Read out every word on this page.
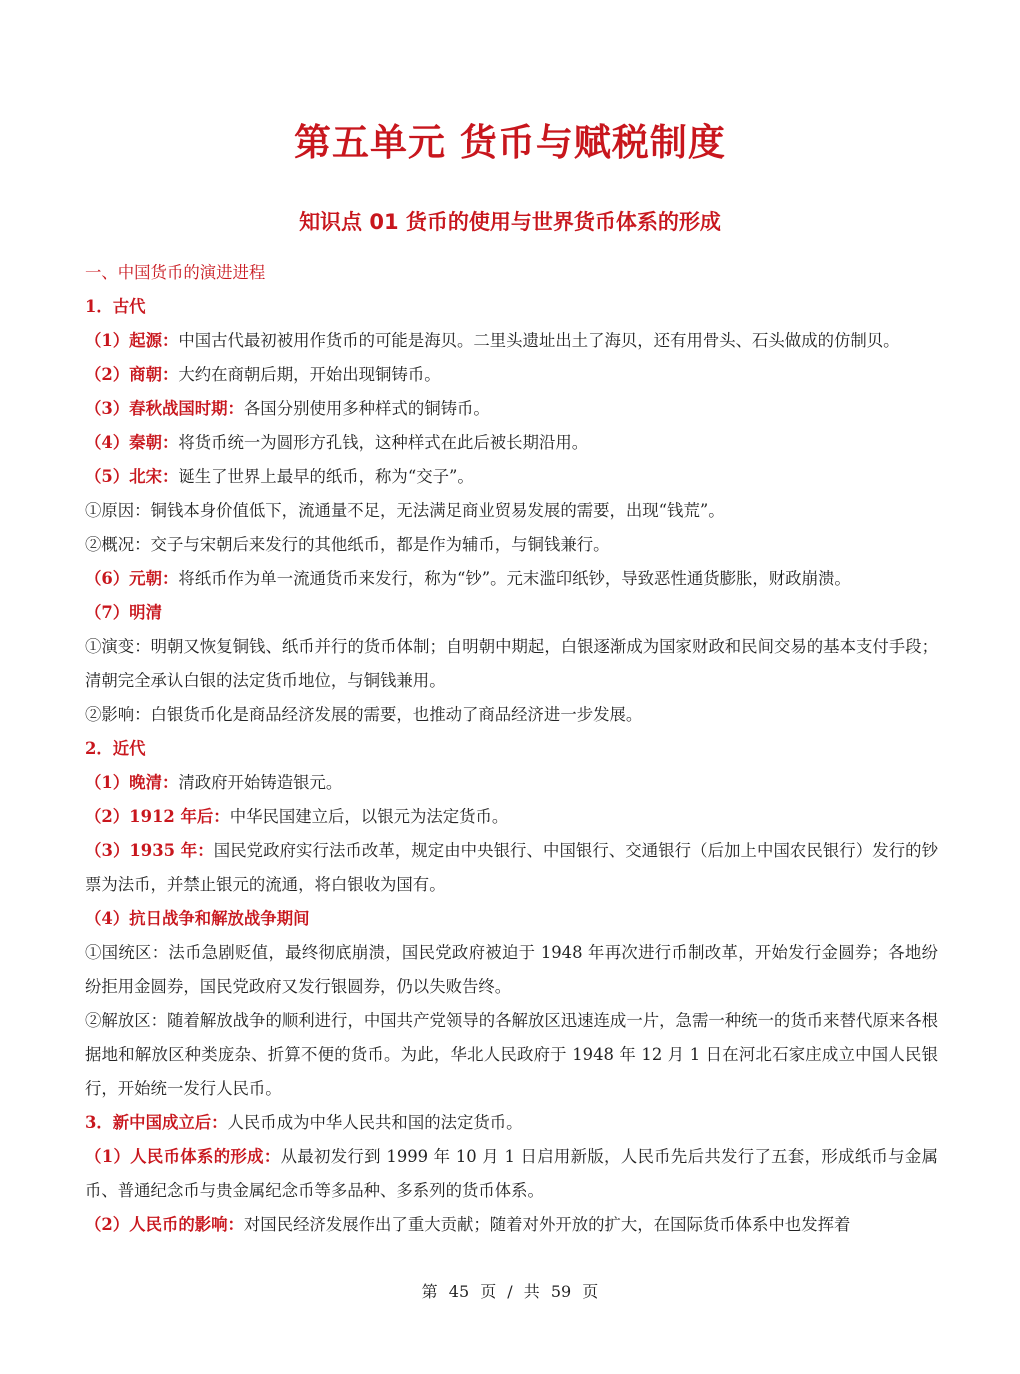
第五单元 货币与赋税制度
知识点 01 货币的使用与世界货币体系的形成

一、中国货币的演进进程

1．古代

（1）起源：中国古代最初被用作货币的可能是海贝。二里头遗址出土了海贝，还有用骨头、石头做成的仿制贝。

（2）商朝：大约在商朝后期，开始出现铜铸币。

（3）春秋战国时期：各国分别使用多种样式的铜铸币。

（4）秦朝：将货币统一为圆形方孔钱，这种样式在此后被长期沿用。

（5）北宋：诞生了世界上最早的纸币，称为“交子”。

①原因：铜钱本身价值低下，流通量不足，无法满足商业贸易发展的需要，出现“钱荒”。

②概况：交子与宋朝后来发行的其他纸币，都是作为辅币，与铜钱兼行。

（6）元朝：将纸币作为单一流通货币来发行，称为“钞”。元末滥印纸钞，导致恶性通货膨胀，财政崩溃。

（7）明清

①演变：明朝又恢复铜钱、纸币并行的货币体制；自明朝中期起，白银逐渐成为国家财政和民间交易的基本支付手段；清朝完全承认白银的法定货币地位，与铜钱兼用。

②影响：白银货币化是商品经济发展的需要，也推动了商品经济进一步发展。

2．近代

（1）晚清：清政府开始铸造银元。

（2）1912 年后：中华民国建立后，以银元为法定货币。

（3）1935 年：国民党政府实行法币改革，规定由中央银行、中国银行、交通银行（后加上中国农民银行）发行的钞票为法币，并禁止银元的流通，将白银收为国有。

（4）抗日战争和解放战争期间

①国统区：法币急剧贬值，最终彻底崩溃，国民党政府被迫于 1948 年再次进行币制改革，开始发行金圆券；各地纷纷拒用金圆券，国民党政府又发行银圆券，仍以失败告终。

②解放区：随着解放战争的顺利进行，中国共产党领导的各解放区迅速连成一片，急需一种统一的货币来替代原来各根据地和解放区种类庞杂、折算不便的货币。为此，华北人民政府于 1948 年 12 月 1 日在河北石家庄成立中国人民银行，开始统一发行人民币。

3．新中国成立后：人民币成为中华人民共和国的法定货币。

（1）人民币体系的形成：从最初发行到 1999 年 10 月 1 日启用新版，人民币先后共发行了五套，形成纸币与金属币、普通纪念币与贵金属纪念币等多品种、多系列的货币体系。

（2）人民币的影响：对国民经济发展作出了重大贡献；随着对外开放的扩大，在国际货币体系中也发挥着

第 45 页 / 共 59 页
